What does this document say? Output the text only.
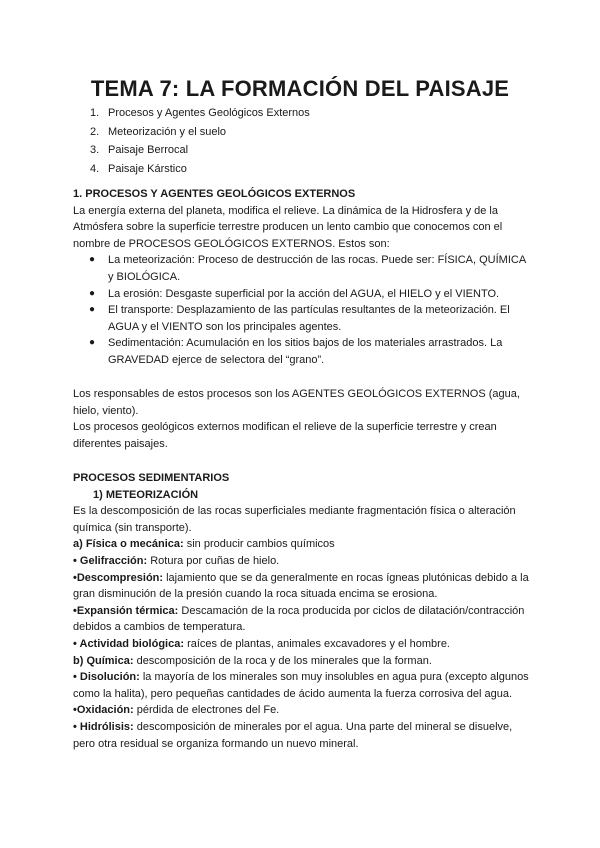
TEMA 7: LA FORMACIÓN DEL PAISAJE
1. Procesos y Agentes Geológicos Externos
2. Meteorización y el suelo
3. Paisaje Berrocal
4. Paisaje Kárstico

1. PROCESOS Y AGENTES GEOLÓGICOS EXTERNOS

La energía externa del planeta, modifica el relieve. La dinámica de la Hidrosfera y de la Atmósfera sobre la superficie terrestre producen un lento cambio que conocemos con el nombre de PROCESOS GEOLÓGICOS EXTERNOS. Estos son:

● La meteorización: Proceso de destrucción de las rocas. Puede ser: FÍSICA, QUÍMICA y BIOLÓGICA.
● La erosión: Desgaste superficial por la acción del AGUA, el HIELO y el VIENTO.
● El transporte: Desplazamiento de las partículas resultantes de la meteorización. El AGUA y el VIENTO son los principales agentes.
● Sedimentación: Acumulación en los sitios bajos de los materiales arrastrados. La GRAVEDAD ejerce de selectora del “grano”.

Los responsables de estos procesos son los AGENTES GEOLÓGICOS EXTERNOS (agua, hielo, viento).

Los procesos geológicos externos modifican el relieve de la superficie terrestre y crean diferentes paisajes.

PROCESOS SEDIMENTARIOS

1) METEORIZACIÓN

Es la descomposición de las rocas superficiales mediante fragmentación física o alteración química (sin transporte).

a) Física o mecánica: sin producir cambios químicos

• Gelifracción: Rotura por cuñas de hielo.

•Descompresión: lajamiento que se da generalmente en rocas ígneas plutónicas debido a la gran disminución de la presión cuando la roca situada encima se erosiona.

•Expansión térmica: Descamación de la roca producida por ciclos de dilatación/contracción debidos a cambios de temperatura.

• Actividad biológica: raíces de plantas, animales excavadores y el hombre.

b) Química: descomposición de la roca y de los minerales que la forman.

• Disolución: la mayoría de los minerales son muy insolubles en agua pura (excepto algunos como la halita), pero pequeñas cantidades de ácido aumenta la fuerza corrosiva del agua.

•Oxidación: pérdida de electrones del Fe.

• Hidrólisis: descomposición de minerales por el agua. Una parte del mineral se disuelve, pero otra residual se organiza formando un nuevo mineral.
